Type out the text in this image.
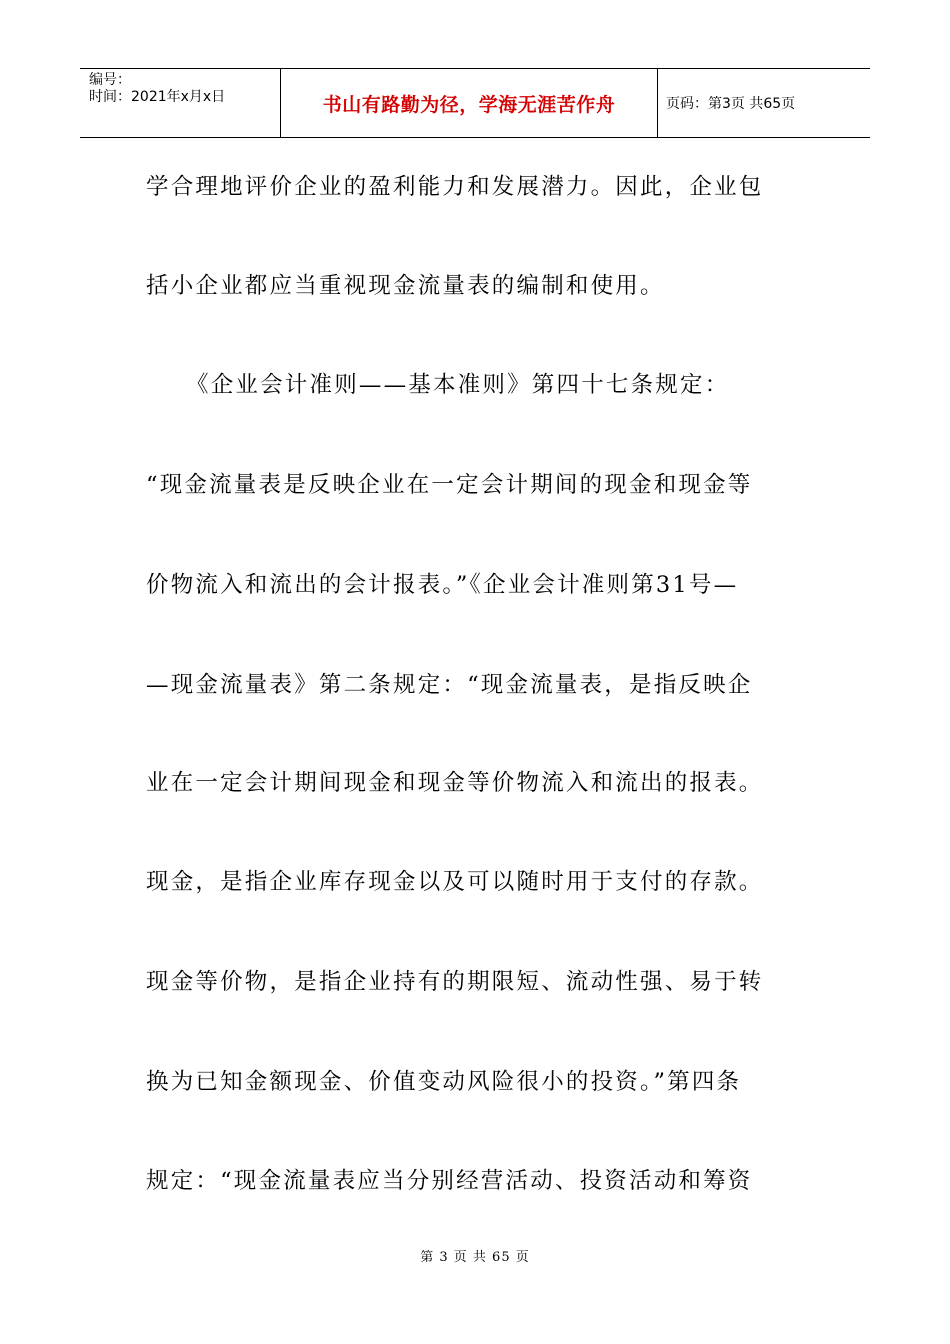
编号：
时间：2021年x月x日	书山有路勤为径，学海无涯苦作舟	页码：第3页 共65页
学合理地评价企业的盈利能力和发展潜力。因此，企业包
括小企业都应当重视现金流量表的编制和使用。
《企业会计准则——基本准则》第四十七条规定：
“现金流量表是反映企业在一定会计期间的现金和现金等
价物流入和流出的会计报表。”《企业会计准则第31号—
—现金流量表》第二条规定：“现金流量表，是指反映企
业在一定会计期间现金和现金等价物流入和流出的报表。
现金，是指企业库存现金以及可以随时用于支付的存款。
现金等价物，是指企业持有的期限短、流动性强、易于转
换为已知金额现金、价值变动风险很小的投资。”第四条
规定：“现金流量表应当分别经营活动、投资活动和筹资
第 3 页 共 65 页
